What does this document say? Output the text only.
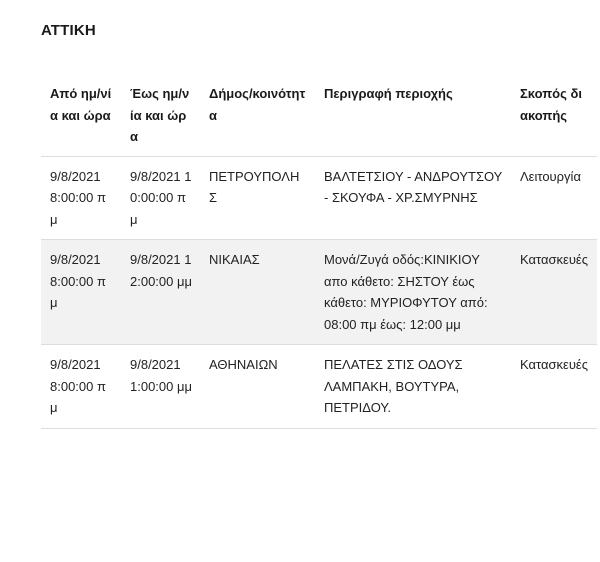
ΑΤΤΙΚΗ
Από ημ/νία και ώρα	Έως ημ/νία και ώρα	Δήμος/κοινότητα	Περιγραφή περιοχής	Σκοπός διακοπής
9/8/2021 8:00:00 πμ	9/8/2021 10:00:00 πμ	ΠΕΤΡΟΥΠΟΛΗΣ	ΒΑΛΤΕΤΣΙΟΥ - ΑΝΔΡΟΥΤΣΟΥ - ΣΚΟΥΦΑ - ΧΡ.ΣΜΥΡΝΗΣ	Λειτουργία
9/8/2021 8:00:00 πμ	9/8/2021 12:00:00 μμ	ΝΙΚΑΙΑΣ	Μονά/Ζυγά οδός:ΚΙΝΙΚΙΟΥ απο κάθετο: ΣΗΣΤΟΥ έως κάθετο: ΜΥΡΙΟΦΥΤΟΥ από: 08:00 πμ έως: 12:00 μμ	Κατασκευές
9/8/2021 8:00:00 πμ	9/8/2021 1:00:00 μμ	ΑΘΗΝΑΙΩΝ	ΠΕΛΑΤΕΣ ΣΤΙΣ ΟΔΟΥΣ ΛΑΜΠΑΚΗ, ΒΟΥΤΥΡΑ, ΠΕΤΡΙΔΟΥ.	Κατασκευές
